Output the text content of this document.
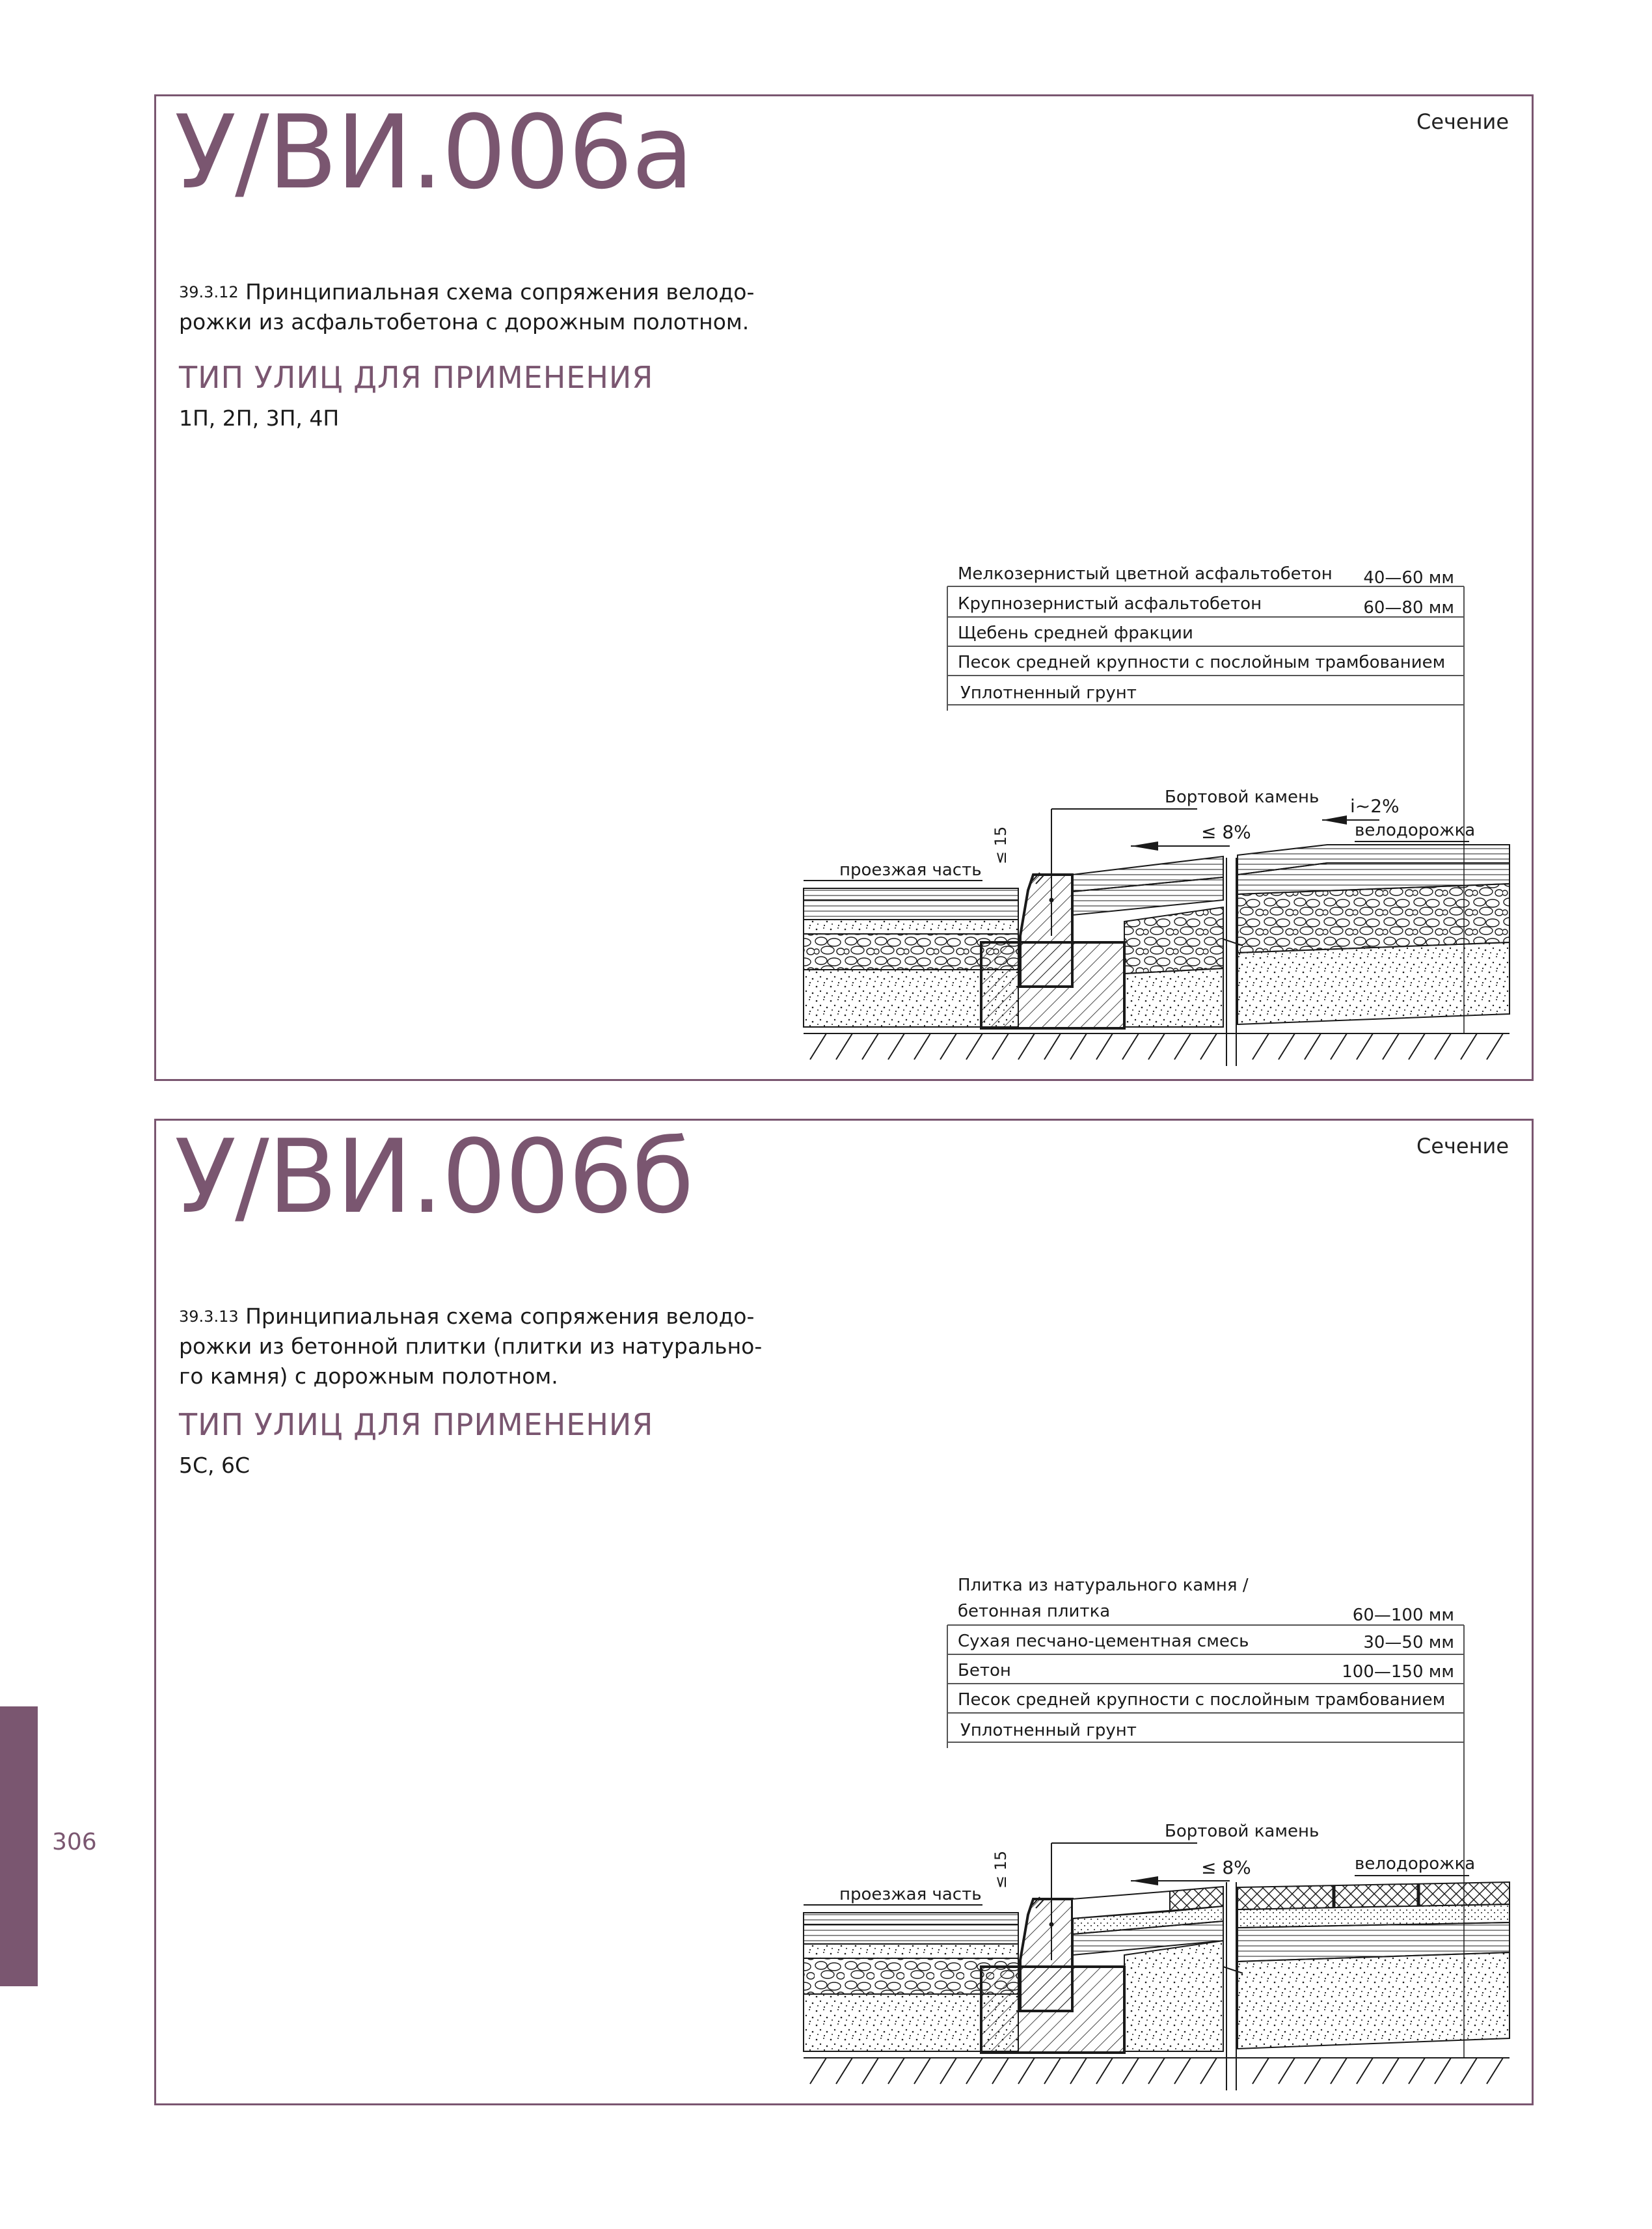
У/ВИ.006а	Сечение
$^{39.3.12}$ Принципиальная схема сопряжения велодо-
рожки из асфальтобетона с дорожным полотном.
ТИП УЛИЦ ДЛЯ ПРИМЕНЕНИЯ
1П, 2П, 3П, 4П
Мелкозернистый цветной асфальтобетон 40—60 мм
Крупнозернистый асфальтобетон	60—80 мм
Щебень средней фракции
Песок средней крупности с послойным трамбованием
Уплотненный грунт
Бортовой камень
≤ 8%
i~2%
велодорожка
проезжая часть
≤ 15
У/ВИ.006б	Сечение
$^{39.3.13}$ Принципиальная схема сопряжения велодо-
рожки из бетонной плитки (плитки из натурально-
го камня) с дорожным полотном.
ТИП УЛИЦ ДЛЯ ПРИМЕНЕНИЯ
5С, 6С
Плитка из натурального камня /
бетонная плитка	60—100 мм
Сухая песчано-цементная смесь	30—50 мм
Бетон	100—150 мм
Песок средней крупности с послойным трамбованием
Уплотненный грунт
Бортовой камень
≤ 8%	велодорожка
проезжая часть
≤ 15
306
